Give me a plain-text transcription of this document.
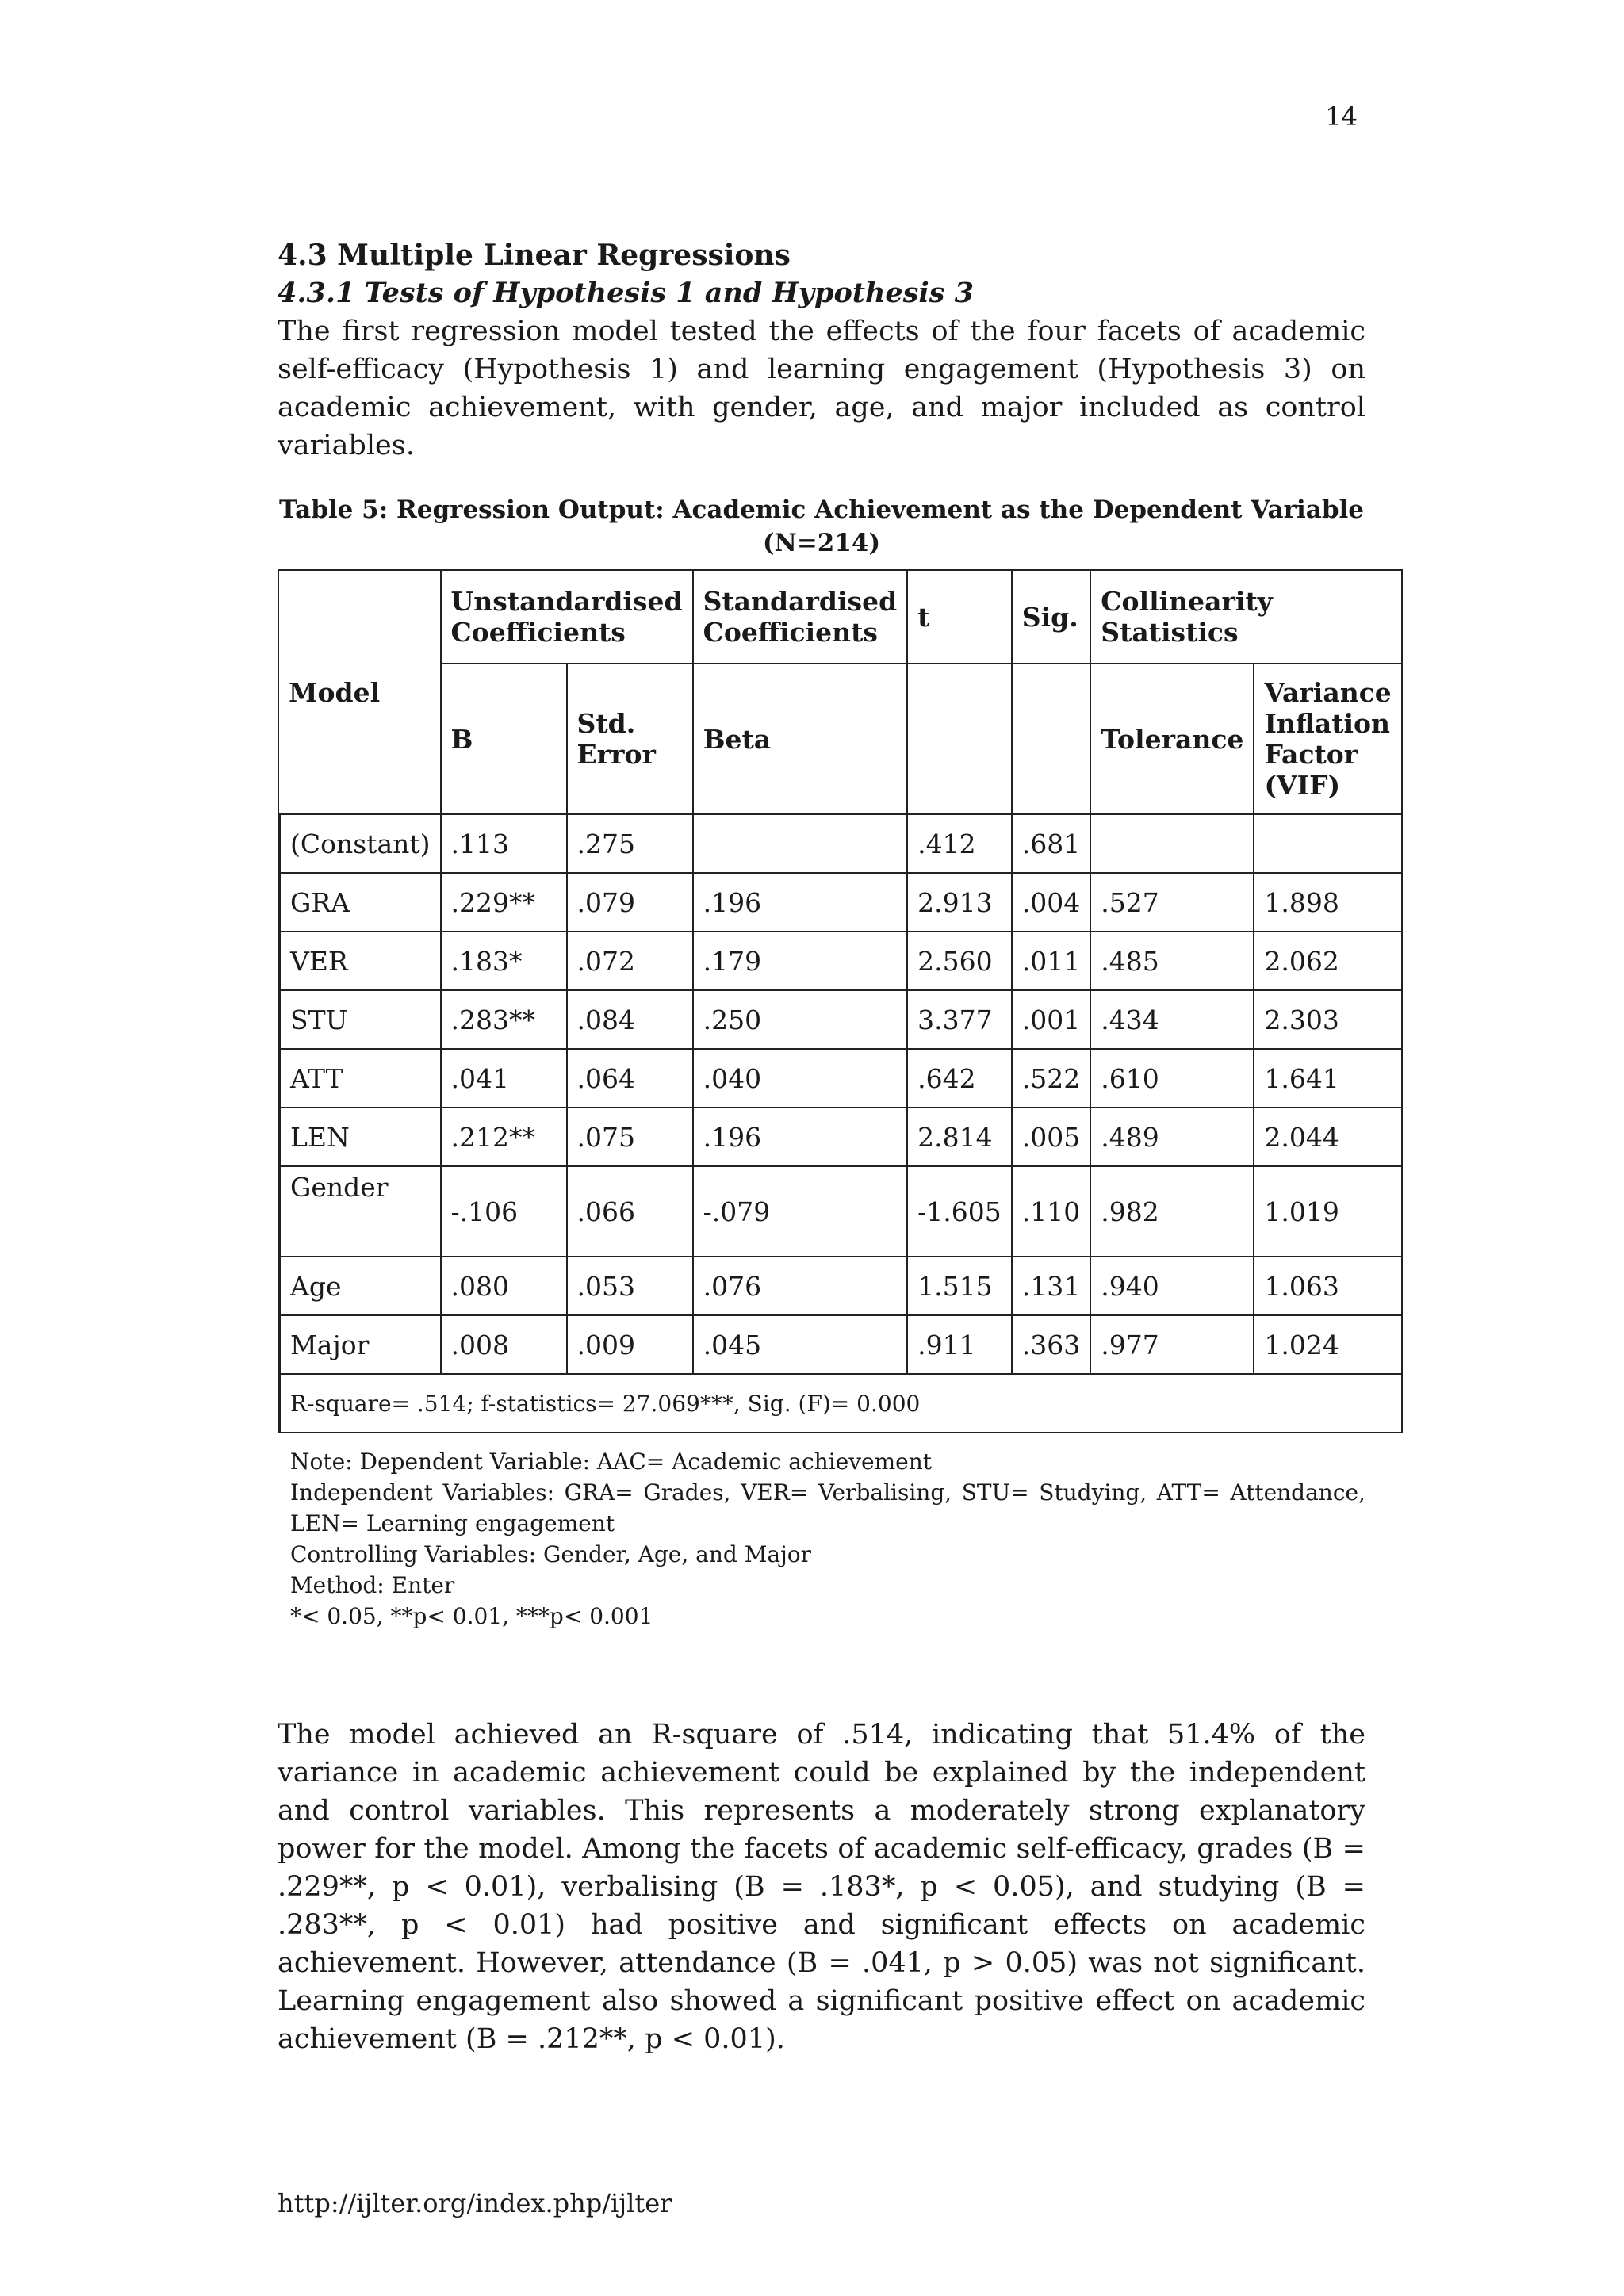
14
4.3 Multiple Linear Regressions
4.3.1 Tests of Hypothesis 1 and Hypothesis 3

The first regression model tested the effects of the four facets of academic self-efficacy (Hypothesis 1) and learning engagement (Hypothesis 3) on academic achievement, with gender, age, and major included as control variables.

Table 5: Regression Output: Academic Achievement as the Dependent Variable (N=214)
Model		Unstandardised Coefficients		Standardised Coefficients	t	Sig.	Collinearity Statistics	
		B	Std. Error	Beta			Tolerance	Variance Inflation Factor (VIF)
	(Constant)	.113	.275		.412	.681		
	GRA	.229**	.079	.196	2.913	.004	.527	1.898
	VER	.183*	.072	.179	2.560	.011	.485	2.062
	STU	.283**	.084	.250	3.377	.001	.434	2.303
	ATT	.041	.064	.040	.642	.522	.610	1.641
	LEN	.212**	.075	.196	2.814	.005	.489	2.044
	Gender	-.106	.066	-.079	-1.605	.110	.982	1.019
	Age	.080	.053	.076	1.515	.131	.940	1.063
	Major	.008	.009	.045	.911	.363	.977	1.024
	R-square= .514; f-statistics= 27.069***, Sig. (F)= 0.000							
Note: Dependent Variable: AAC= Academic achievement
Independent Variables: GRA= Grades, VER= Verbalising, STU= Studying, ATT= Attendance, LEN= Learning engagement
Controlling Variables: Gender, Age, and Major
Method: Enter
*< 0.05, **p< 0.01, ***p< 0.001

The model achieved an R-square of .514, indicating that 51.4% of the variance in academic achievement could be explained by the independent and control variables. This represents a moderately strong explanatory power for the model. Among the facets of academic self-efficacy, grades (B = .229**, p < 0.01), verbalising (B = .183*, p < 0.05), and studying (B = .283**, p < 0.01) had positive and significant effects on academic achievement. However, attendance (B = .041, p > 0.05) was not significant. Learning engagement also showed a significant positive effect on academic achievement (B = .212**, p < 0.01).

http://ijlter.org/index.php/ijlter
